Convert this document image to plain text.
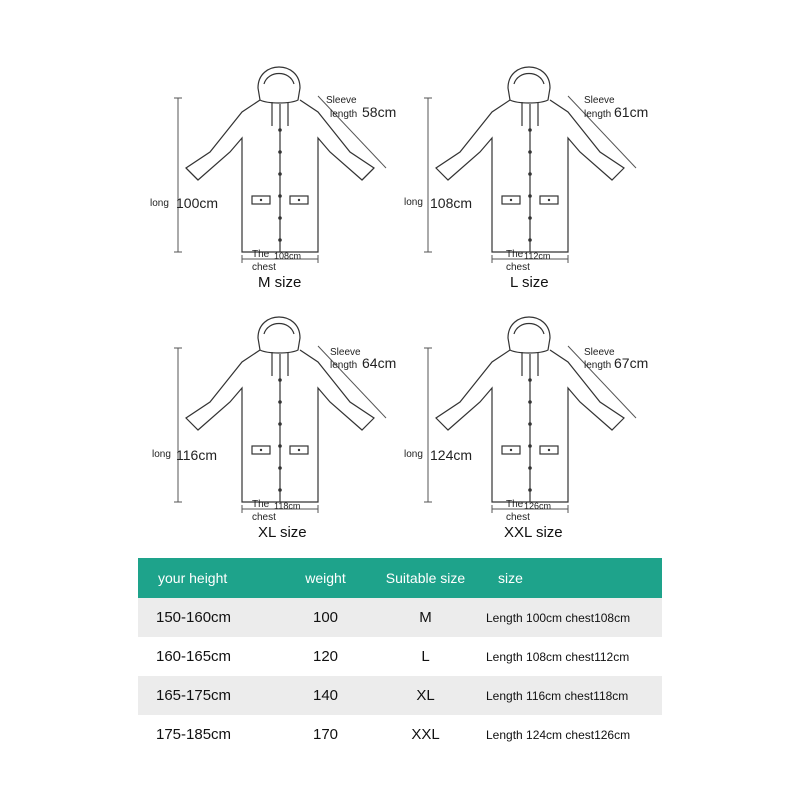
Sleeve
length 58cm
long 100cm
The 108cm
chest
M size
Sleeve
length 61cm
long 108cm
The 112cm
chest
L size
Sleeve
length 64cm
long 116cm
The 118cm
chest
XL size
Sleeve
length 67cm
long 124cm
The 126cm
chest
XXL size
your height	weight	Suitable size	size
150-160cm	100	M	Length 100cm chest108cm
160-165cm	120	L	Length 108cm chest112cm
165-175cm	140	XL	Length 116cm chest118cm
175-185cm	170	XXL	Length 124cm chest126cm
